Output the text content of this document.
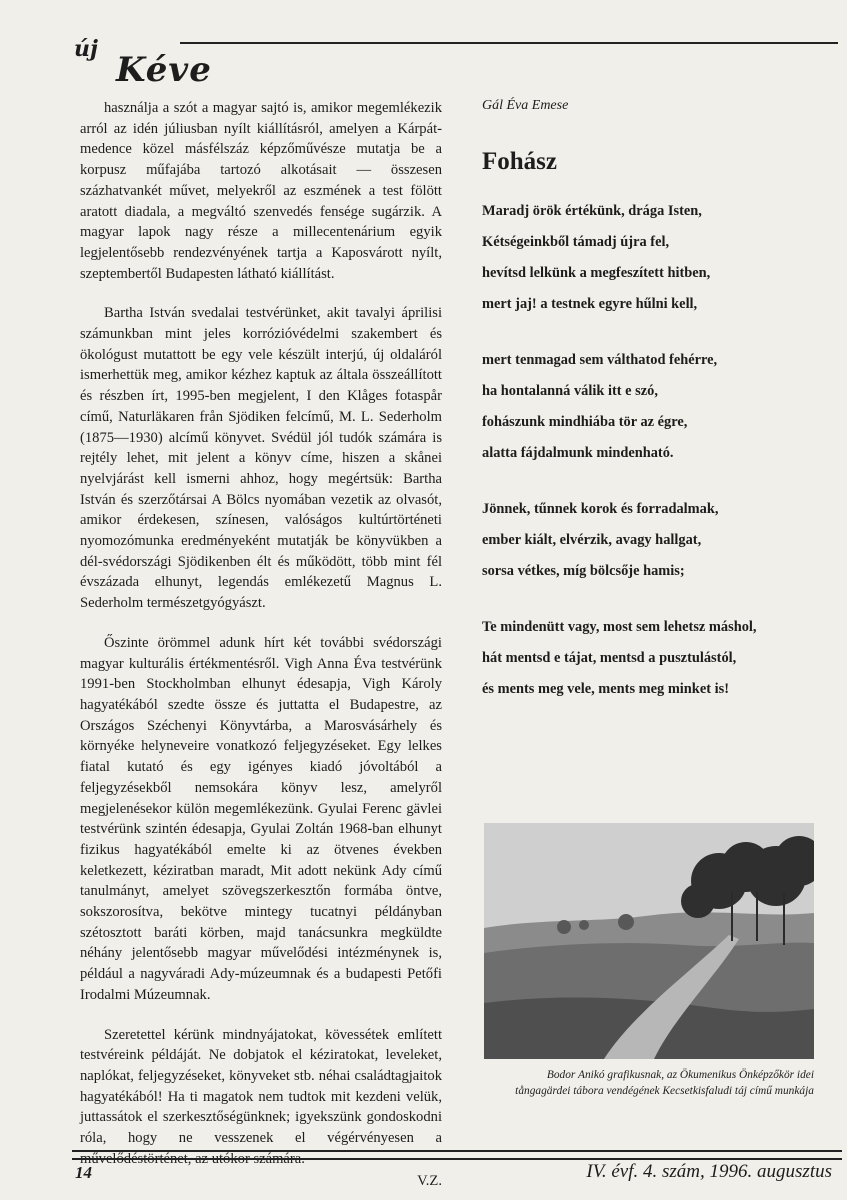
új
Kéve

használja a szót a magyar sajtó is, amikor megemlékezik arról az idén júliusban nyílt kiállításról, amelyen a Kárpát-medence közel másfélszáz képzőművésze mutatja be a korpusz műfajába tartozó alkotásait — összesen százhatvankét művet, melyekről az eszmének a test fölött aratott diadala, a megváltó szenvedés fensége sugárzik. A magyar lapok nagy része a millecentenárium egyik legjelentősebb rendezvényének tartja a Kaposvárott nyílt, szeptembertől Budapesten látható kiállítást.

Bartha István svedalai testvérünket, akit tavalyi áprilisi számunkban mint jeles korrózióvédelmi szakembert és ökológust mutattott be egy vele készült interjú, új oldaláról ismerhettük meg, amikor kézhez kaptuk az általa összeállított és részben írt, 1995-ben megjelent, I den Klåges fotaspår című, Naturläkaren från Sjödiken felcímű, M. L. Sederholm (1875—1930) alcímű könyvet. Svédül jól tudók számára is rejtély lehet, mit jelent a könyv címe, hiszen a skånei nyelvjárást kell ismerni ahhoz, hogy megértsük: Bartha István és szerzőtársai A Bölcs nyomában vezetik az olvasót, amikor érdekesen, színesen, valóságos kultúrtörténeti nyomozómunka eredményeként mutatják be könyvükben a dél-svédországi Sjödikenben élt és működött, több mint fél évszázada elhunyt, legendás emlékezetű Magnus L. Sederholm természetgyógyászt.

Őszinte örömmel adunk hírt két további svédországi magyar kulturális értékmentésről. Vigh Anna Éva testvérünk 1991-ben Stockholmban elhunyt édesapja, Vigh Károly hagyatékából szedte össze és juttatta el Budapestre, az Országos Széchenyi Könyvtárba, a Marosvásárhely és környéke helyneveire vonatkozó feljegyzéseket. Egy lelkes fiatal kutató és egy igényes kiadó jóvoltából a feljegyzésekből nemsokára könyv lesz, amelyről megjelenésekor külön megemlékezünk. Gyulai Ferenc gävlei testvérünk szintén édesapja, Gyulai Zoltán 1968-ban elhunyt fizikus hagyatékából emelte ki az ötvenes években keletkezett, kéziratban maradt, Mit adott nekünk Ady című tanulmányt, amelyet szövegszerkesztőn formába öntve, sokszorosítva, bekötve mintegy tucatnyi példányban szétosztott baráti körben, majd tanácsunkra megküldte néhány jelentősebb magyar művelődési intézménynek is, például a nagyváradi Ady-múzeumnak és a budapesti Petőfi Irodalmi Múzeumnak.

Szeretettel kérünk mindnyájatokat, kövessétek említett testvéreink példáját. Ne dobjatok el kéziratokat, leveleket, naplókat, feljegyzéseket, könyveket stb. néhai családtagjaitok hagyatékából! Ha ti magatok nem tudtok mit kezdeni velük, juttassátok el szerkesztőségünknek; igyekszünk gondoskodni róla, hogy ne vesszenek el végérvényesen a művelődéstörténet, az utókor számára.

V.Z.
Gál Éva Emese
Fohász
Maradj örök értékünk, drága Isten,
Kétségeinkből támadj újra fel,
hevítsd lelkünk a megfeszített hitben,
mert jaj! a testnek egyre hűlni kell,
mert tenmagad sem válthatod fehérre,
ha hontalanná válik itt e szó,
fohászunk mindhiába tör az égre,
alatta fájdalmunk mindenható.
Jönnek, tűnnek korok és forradalmak,
ember kiált, elvérzik, avagy hallgat,
sorsa vétkes, míg bölcsője hamis;
Te mindenütt vagy, most sem lehetsz máshol,
hát mentsd e tájat, mentsd a pusztulástól,
és ments meg vele, ments meg minket is!
Bodor Anikó grafikusnak, az Ökumenikus Önképzőkör idei
tångagärdei tábora vendégének Kecsetkisfaludi táj című munkája
14	IV. évf. 4. szám, 1996. augusztus
